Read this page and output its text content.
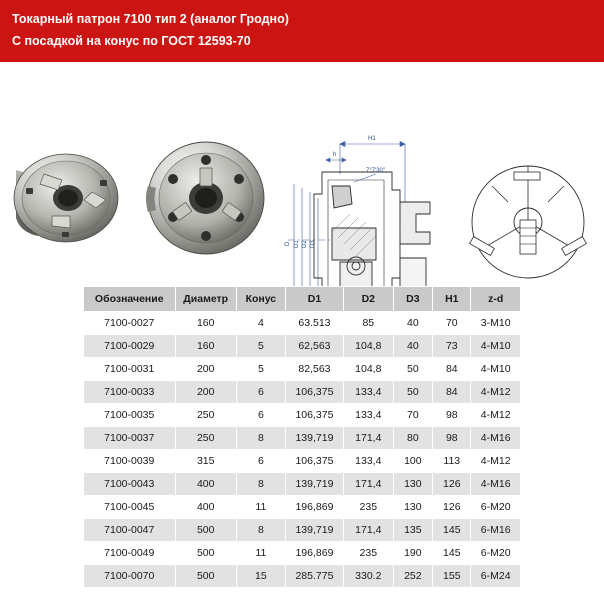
Токарный патрон 7100 тип 2 (аналог Гродно)
С посадкой на конус по ГОСТ 12593-70
H1
h
7°7'30"
D D1 D2 D3
Обозначение	Диаметр	Конус	D1	D2	D3	H1	z-d
7100-0027	160	4	63.513	85	40	70	3-M10
7100-0029	160	5	62,563	104,8	40	73	4-М10
7100-0031	200	5	82,563	104,8	50	84	4-М10
7100-0033	200	6	106,375	133,4	50	84	4-М12
7100-0035	250	6	106,375	133,4	70	98	4-М12
7100-0037	250	8	139,719	171,4	80	98	4-М16
7100-0039	315	6	106,375	133,4	100	113	4-М12
7100-0043	400	8	139,719	171,4	130	126	4-М16
7100-0045	400	11	196,869	235	130	126	6-М20
7100-0047	500	8	139,719	171,4	135	145	6-М16
7100-0049	500	11	196,869	235	190	145	6-М20
7100-0070	500	15	285.775	330.2	252	155	6-М24
